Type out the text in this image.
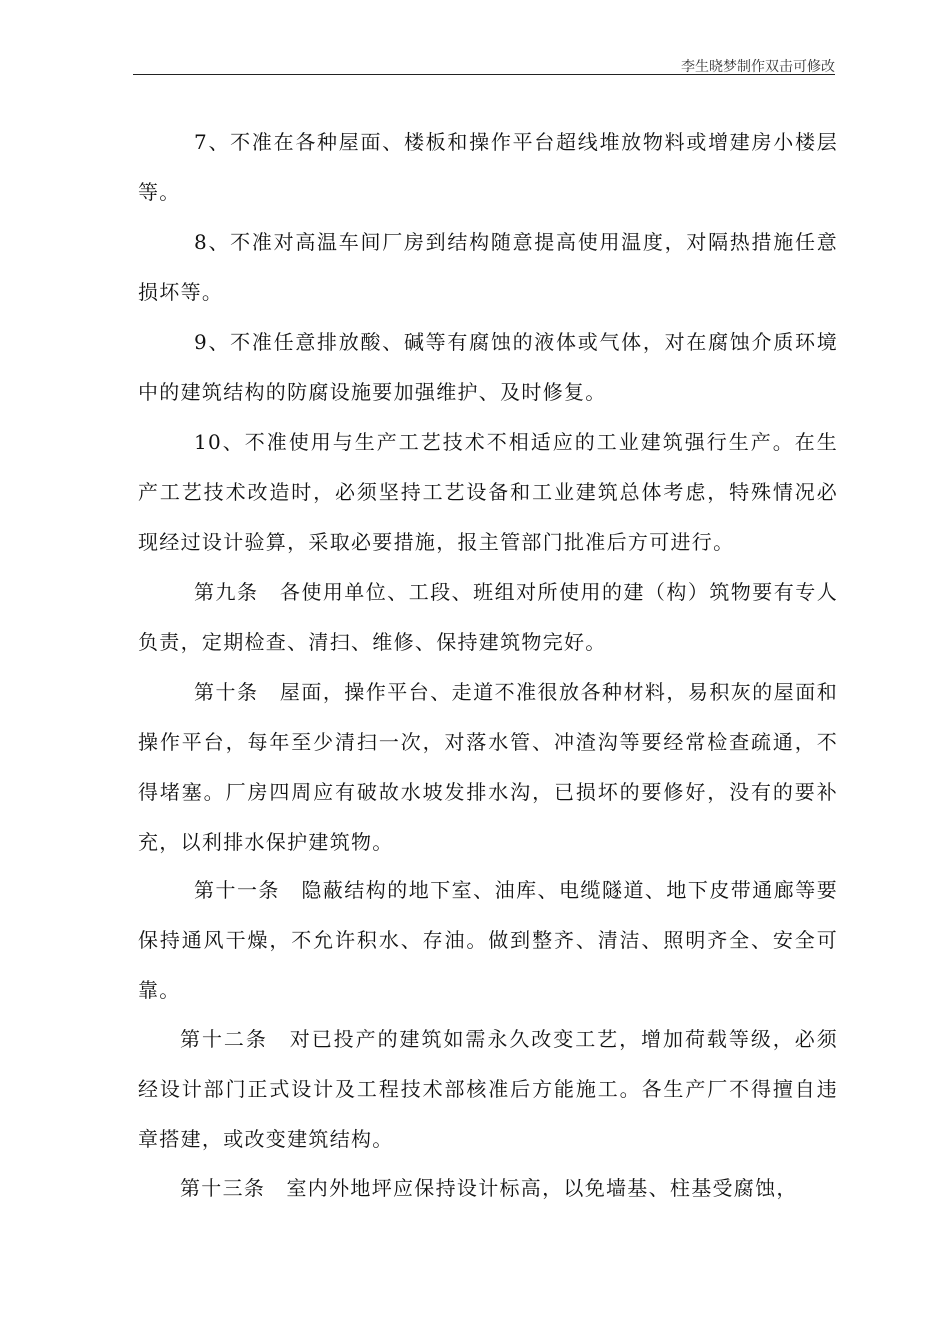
李生晓梦制作双击可修改

7、不准在各种屋面、楼板和操作平台超线堆放物料或增建房小楼层等。

8、不准对高温车间厂房到结构随意提高使用温度，对隔热措施任意损坏等。

9、不准任意排放酸、碱等有腐蚀的液体或气体，对在腐蚀介质环境中的建筑结构的防腐设施要加强维护、及时修复。

10、不准使用与生产工艺技术不相适应的工业建筑强行生产。在生产工艺技术改造时，必须坚持工艺设备和工业建筑总体考虑，特殊情况必现经过设计验算，采取必要措施，报主管部门批准后方可进行。

第九条　各使用单位、工段、班组对所使用的建（构）筑物要有专人负责，定期检查、清扫、维修、保持建筑物完好。

第十条　屋面，操作平台、走道不准很放各种材料，易积灰的屋面和操作平台，每年至少清扫一次，对落水管、冲渣沟等要经常检查疏通，不得堵塞。厂房四周应有破故水坡发排水沟，已损坏的要修好，没有的要补充，以利排水保护建筑物。

第十一条　隐蔽结构的地下室、油库、电缆隧道、地下皮带通廊等要保持通风干燥，不允许积水、存油。做到整齐、清洁、照明齐全、安全可靠。

第十二条　对已投产的建筑如需永久改变工艺，增加荷载等级，必须经设计部门正式设计及工程技术部核准后方能施工。各生产厂不得擅自违章搭建，或改变建筑结构。

第十三条　室内外地坪应保持设计标高，以免墙基、柱基受腐蚀，
